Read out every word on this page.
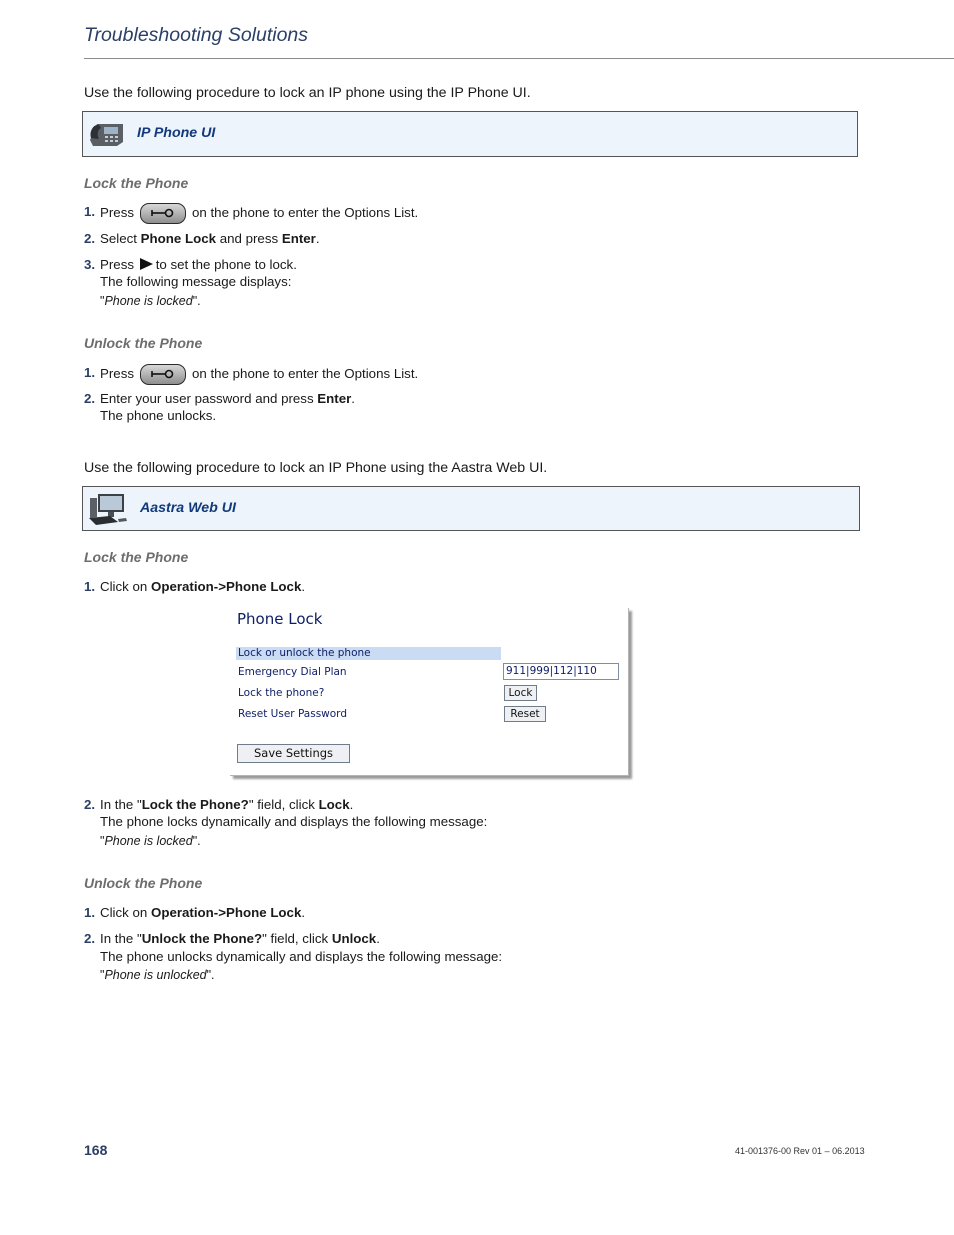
Troubleshooting Solutions
Use the following procedure to lock an IP phone using the IP Phone UI.
IP Phone UI
Lock the Phone
1. Press	on the phone to enter the Options List.
2. Select Phone Lock and press Enter.
3. Press to set the phone to lock.
The following message displays:
"Phone is locked".
Unlock the Phone
1. Press	on the phone to enter the Options List.
2. Enter your user password and press Enter.
The phone unlocks.
Use the following procedure to lock an IP Phone using the Aastra Web UI.
Aastra Web UI
Lock the Phone
1. Click on Operation->Phone Lock.
Phone Lock
Lock or unlock the phone
Emergency Dial Plan	911|999|112|110
Lock the phone?	Lock
Reset User Password	Reset
Save Settings
2. In the "Lock the Phone?" field, click Lock.
The phone locks dynamically and displays the following message:
"Phone is locked".
Unlock the Phone
1. Click on Operation->Phone Lock.
2. In the "Unlock the Phone?" field, click Unlock.
The phone unlocks dynamically and displays the following message:
"Phone is unlocked".
168	41-001376-00 Rev 01 – 06.2013
